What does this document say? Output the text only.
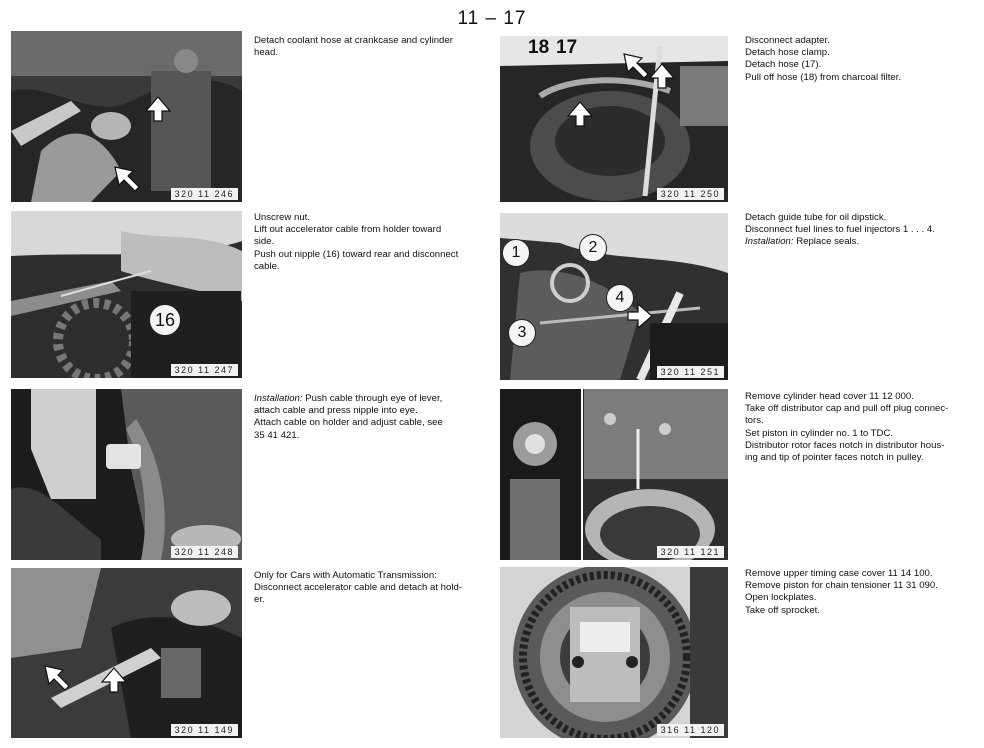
11 – 17
320 11 246

Detach coolant hose at crankcase and cylinder

head.

16
320 11 247

Unscrew nut.

Lift out accelerator cable from holder toward

side.

Push out nipple (16) toward rear and disconnect

cable.

320 11 248

Installation: Push cable through eye of lever,

attach cable and press nipple into eye.

Attach cable on holder and adjust cable, see

35 41 421.

320 11 149

Only for Cars with Automatic Transmission:

Disconnect accelerator cable and detach at hold-

er.

18 17
320 11 250

Disconnect adapter.

Detach hose clamp.

Detach hose (17).

Pull off hose (18) from charcoal filter.

1	2
3
4
320 11 251

Detach guide tube for oil dipstick.

Disconnect fuel lines to fuel injectors 1 . . . 4.

Installation: Replace seals.

320 11 121

Remove cylinder head cover 11 12 000.

Take off distributor cap and pull off plug connec-

tors.

Set piston in cylinder no. 1 to TDC.

Distributor rotor faces notch in distributor hous-

ing and tip of pointer faces notch in pulley.

316 11 120

Remove upper timing case cover 11 14 100.

Remove piston for chain tensioner 11 31 090.

Open lockplates.

Take off sprocket.
